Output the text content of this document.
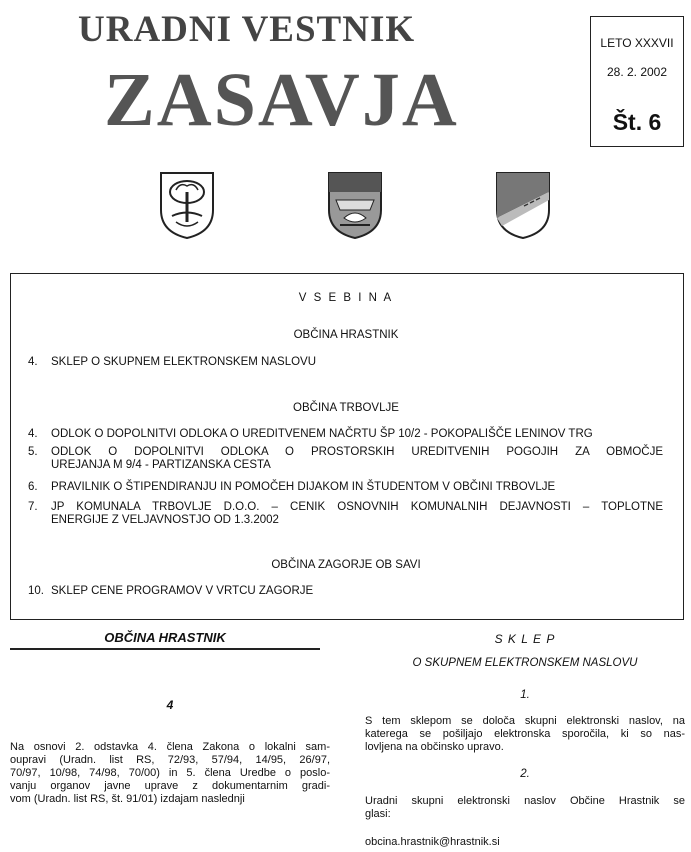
URADNI VESTNIK
ZASAVJA
LETO XXXVII
28. 2. 2002
Št. 6
V S E B I N A
OBČINA HRASTNIK
4. SKLEP O SKUPNEM ELEKTRONSKEM NASLOVU
OBČINA TRBOVLJE
4. ODLOK O DOPOLNITVI ODLOKA O UREDITVENEM NAČRTU ŠP 10/2 - POKOPALIŠČE LENINOV TRG
5. ODLOK O DOPOLNITVI ODLOKA O PROSTORSKIH UREDITVENIH POGOJIH ZA OBMOČJE
UREJANJA M 9/4 - PARTIZANSKA CESTA
6. PRAVILNIK O ŠTIPENDIRANJU IN POMOČEH DIJAKOM IN ŠTUDENTOM V OBČINI TRBOVLJE
7. JP KOMUNALA TRBOVLJE D.O.O. – CENIK OSNOVNIH KOMUNALNIH DEJAVNOSTI – TOPLOTNE
ENERGIJE Z VELJAVNOSTJO OD 1.3.2002
OBČINA ZAGORJE OB SAVI
10. SKLEP CENE PROGRAMOV V VRTCU ZAGORJE
OBČINA HRASTNIK
4
Na osnovi 2. odstavka 4. člena Zakona o lokalni sam-
oupravi (Uradn. list RS, 72/93, 57/94, 14/95, 26/97,
70/97, 10/98, 74/98, 70/00) in 5. člena Uredbe o poslo-
vanju organov javne uprave z dokumentarnim gradi-
vom (Uradn. list RS, št. 91/01) izdajam naslednji
S K L E P
O SKUPNEM ELEKTRONSKEM NASLOVU
1.
S tem sklepom se določa skupni elektronski naslov, na
katerega se pošiljajo elektronska sporočila, ki so nas-
lovljena na občinsko upravo.
2.
Uradni skupni elektronski naslov Občine Hrastnik se
glasi:
obcina.hrastnik@hrastnik.si
